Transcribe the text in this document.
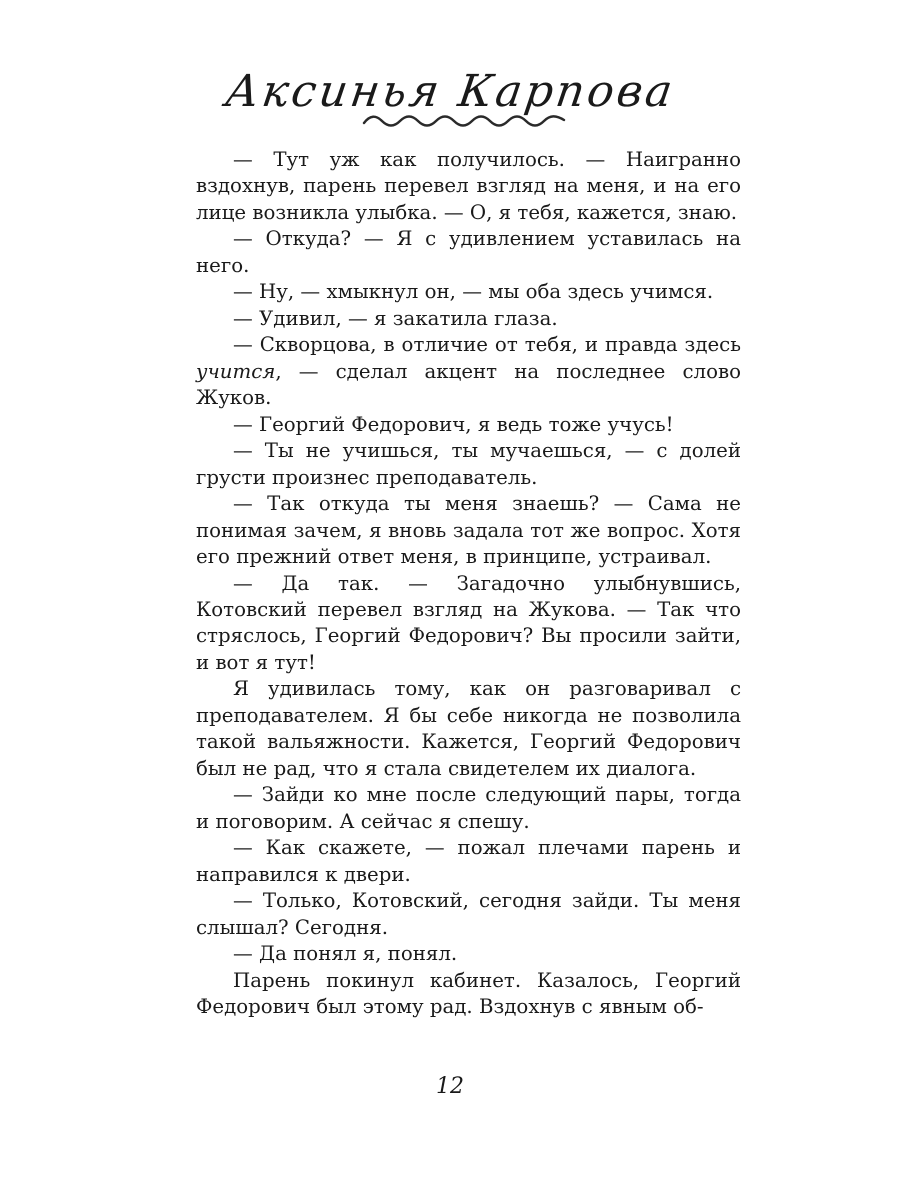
Аксинья Карпова

— Тут уж как получилось. — Наигранно вздохнув, парень перевел взгляд на меня, и на его лице возникла улыбка. — О, я тебя, кажется, знаю.

— Откуда? — Я с удивлением уставилась на него.

— Ну, — хмыкнул он, — мы оба здесь учимся.

— Удивил, — я закатила глаза.

— Скворцова, в отличие от тебя, и правда здесь учится, — сделал акцент на последнее слово Жуков.

— Георгий Федорович, я ведь тоже учусь!

— Ты не учишься, ты мучаешься, — с долей грусти произнес преподаватель.

— Так откуда ты меня знаешь? — Сама не понимая зачем, я вновь задала тот же вопрос. Хотя его прежний ответ меня, в принципе, устраивал.

— Да так. — Загадочно улыбнувшись, Котовский перевел взгляд на Жукова. — Так что стряслось, Георгий Федорович? Вы просили зайти, и вот я тут!

Я удивилась тому, как он разговаривал с преподавателем. Я бы себе никогда не позволила такой вальяжности. Кажется, Георгий Федорович был не рад, что я стала свидетелем их диалога.

— Зайди ко мне после следующий пары, тогда и поговорим. А сейчас я спешу.

— Как скажете, — пожал плечами парень и направился к двери.

— Только, Котовский, сегодня зайди. Ты меня слышал? Сегодня.

— Да понял я, понял.

Парень покинул кабинет. Казалось, Георгий Федорович был этому рад. Вздохнув с явным об-

12
